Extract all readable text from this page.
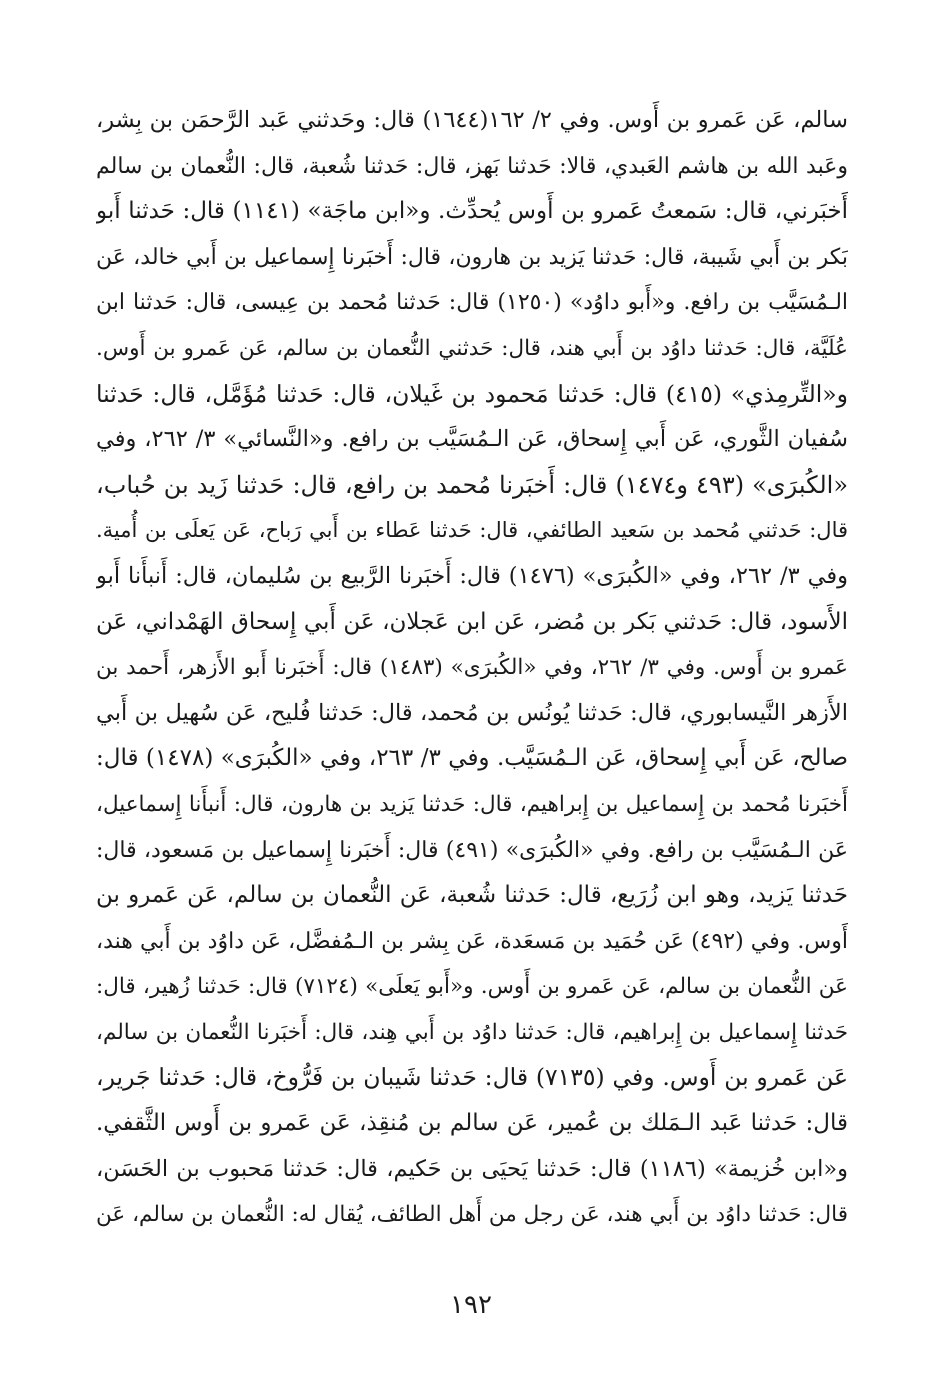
سالم، عَن عَمرو بن أَوس. وفي ٢/ ١٦٢(١٦٤٤) قال: وحَدثني عَبد الرَّحمَن بن بِشر،
وعَبد الله بن هاشم العَبدي، قالا: حَدثنا بَهز، قال: حَدثنا شُعبة، قال: النُّعمان بن سالم
أَخبَرني، قال: سَمعتُ عَمرو بن أَوس يُحدِّث. و«ابن ماجَة» (١١٤١) قال: حَدثنا أَبو
بَكر بن أَبي شَيبة، قال: حَدثنا يَزيد بن هارون، قال: أَخبَرنا إِسماعيل بن أَبي خالد، عَن
الـمُسَيَّب بن رافع. و«أَبو داوُد» (١٢٥٠) قال: حَدثنا مُحمد بن عِيسى، قال: حَدثنا ابن
عُلَيَّة، قال: حَدثنا داوُد بن أَبي هند، قال: حَدثني النُّعمان بن سالم، عَن عَمرو بن أَوس.
و«التِّرمِذي» (٤١٥) قال: حَدثنا مَحمود بن غَيلان، قال: حَدثنا مُؤَمَّل، قال: حَدثنا
سُفيان الثَّوري، عَن أَبي إِسحاق، عَن الـمُسَيَّب بن رافع. و«النَّسائي» ٣/ ٢٦٢، وفي
«الكُبرَى» (٤٩٣ و١٤٧٤) قال: أَخبَرنا مُحمد بن رافع، قال: حَدثنا زَيد بن حُباب،
قال: حَدثني مُحمد بن سَعيد الطائفي، قال: حَدثنا عَطاء بن أَبي رَباح، عَن يَعلَى بن أُمية.
وفي ٣/ ٢٦٢، وفي «الكُبرَى» (١٤٧٦) قال: أَخبَرنا الرَّبيع بن سُليمان، قال: أَنبأَنا أَبو
الأَسود، قال: حَدثني بَكر بن مُضر، عَن ابن عَجلان، عَن أَبي إِسحاق الهَمْداني، عَن
عَمرو بن أَوس. وفي ٣/ ٢٦٢، وفي «الكُبرَى» (١٤٨٣) قال: أَخبَرنا أَبو الأَزهر، أَحمد بن
الأَزهر النَّيسابوري، قال: حَدثنا يُونُس بن مُحمد، قال: حَدثنا فُليح، عَن سُهيل بن أَبي
صالح، عَن أَبي إِسحاق، عَن الـمُسَيَّب. وفي ٣/ ٢٦٣، وفي «الكُبرَى» (١٤٧٨) قال:
أَخبَرنا مُحمد بن إِسماعيل بن إِبراهيم، قال: حَدثنا يَزيد بن هارون، قال: أَنبأَنا إِسماعيل،
عَن الـمُسَيَّب بن رافع. وفي «الكُبرَى» (٤٩١) قال: أَخبَرنا إِسماعيل بن مَسعود، قال:
حَدثنا يَزيد، وهو ابن زُرَيع، قال: حَدثنا شُعبة، عَن النُّعمان بن سالم، عَن عَمرو بن
أَوس. وفي (٤٩٢) عَن حُمَيد بن مَسعَدة، عَن بِشر بن الـمُفضَّل، عَن داوُد بن أَبي هند،
عَن النُّعمان بن سالم، عَن عَمرو بن أَوس. و«أَبو يَعلَى» (٧١٢٤) قال: حَدثنا زُهير، قال:
حَدثنا إِسماعيل بن إِبراهيم، قال: حَدثنا داوُد بن أَبي هِند، قال: أَخبَرنا النُّعمان بن سالم،
عَن عَمرو بن أَوس. وفي (٧١٣٥) قال: حَدثنا شَيبان بن فَرُّوخ، قال: حَدثنا جَرير،
قال: حَدثنا عَبد الـمَلك بن عُمير، عَن سالم بن مُنقِذ، عَن عَمرو بن أَوس الثَّقفي.
و«ابن خُزيمة» (١١٨٦) قال: حَدثنا يَحيَى بن حَكيم، قال: حَدثنا مَحبوب بن الحَسَن،
قال: حَدثنا داوُد بن أَبي هند، عَن رجل من أَهل الطائف، يُقال له: النُّعمان بن سالم، عَن
١٩٢
